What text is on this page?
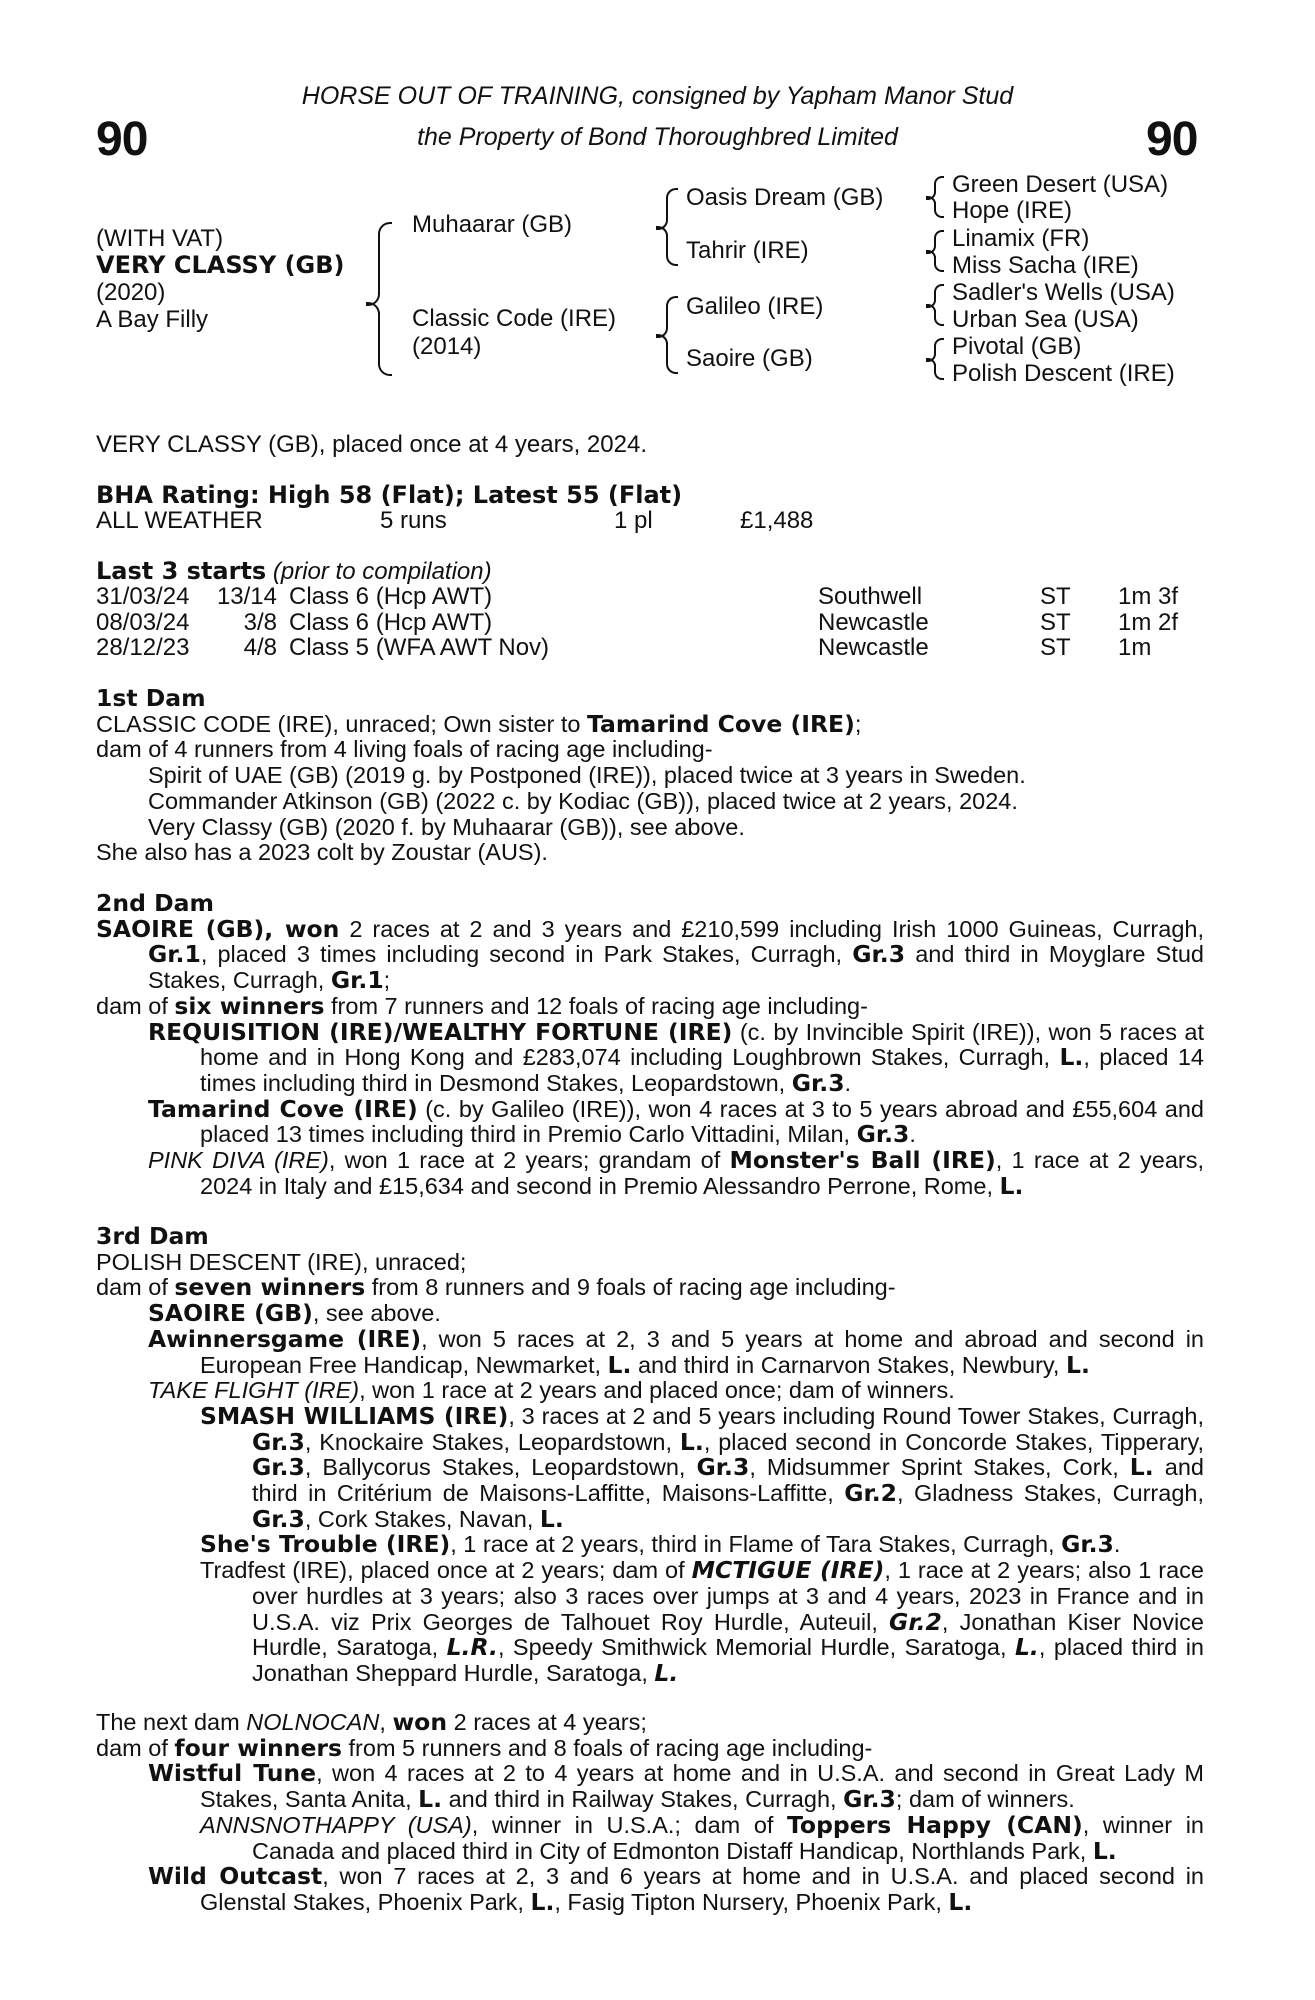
90	90
HORSE OUT OF TRAINING, consigned by Yapham Manor Stud
the Property of Bond Thoroughbred Limited
(WITH VAT)
VERY CLASSY (GB)
(2020)
A Bay Filly
Muhaarar (GB)
Classic Code (IRE)
(2014)
Oasis Dream (GB)
Tahrir (IRE)
Galileo (IRE)
Saoire (GB)
Green Desert (USA)
Hope (IRE)
Linamix (FR)
Miss Sacha (IRE)
Sadler's Wells (USA)
Urban Sea (USA)
Pivotal (GB)
Polish Descent (IRE)
VERY CLASSY (GB), placed once at 4 years, 2024.
BHA Rating: High 58 (Flat); Latest 55 (Flat)
ALL WEATHER	5 runs	1 pl	£1,488
Last 3 starts (prior to compilation)
31/03/24	13/14 Class 6 (Hcp AWT)	Southwell	ST 1m 3f
08/03/24	3/8 Class 6 (Hcp AWT)	Newcastle	ST 1m 2f
28/12/23	4/8 Class 5 (WFA AWT Nov)	Newcastle	ST 1m

1st Dam

CLASSIC CODE (IRE), unraced; Own sister to Tamarind Cove (IRE);

dam of 4 runners from 4 living foals of racing age including-

Spirit of UAE (GB) (2019 g. by Postponed (IRE)), placed twice at 3 years in Sweden.

Commander Atkinson (GB) (2022 c. by Kodiac (GB)), placed twice at 2 years, 2024.

Very Classy (GB) (2020 f. by Muhaarar (GB)), see above.

She also has a 2023 colt by Zoustar (AUS).

2nd Dam

SAOIRE (GB), won 2 races at 2 and 3 years and £210,599 including Irish 1000 Guineas, Curragh, Gr.1, placed 3 times including second in Park Stakes, Curragh, Gr.3 and third in Moyglare Stud Stakes, Curragh, Gr.1;

dam of six winners from 7 runners and 12 foals of racing age including-

REQUISITION (IRE)/WEALTHY FORTUNE (IRE) (c. by Invincible Spirit (IRE)), won 5 races at home and in Hong Kong and £283,074 including Loughbrown Stakes, Curragh, L., placed 14 times including third in Desmond Stakes, Leopardstown, Gr.3.

Tamarind Cove (IRE) (c. by Galileo (IRE)), won 4 races at 3 to 5 years abroad and £55,604 and placed 13 times including third in Premio Carlo Vittadini, Milan, Gr.3.

PINK DIVA (IRE), won 1 race at 2 years; grandam of Monster's Ball (IRE), 1 race at 2 years, 2024 in Italy and £15,634 and second in Premio Alessandro Perrone, Rome, L.

3rd Dam

POLISH DESCENT (IRE), unraced;

dam of seven winners from 8 runners and 9 foals of racing age including-

SAOIRE (GB), see above.

Awinnersgame (IRE), won 5 races at 2, 3 and 5 years at home and abroad and second in European Free Handicap, Newmarket, L. and third in Carnarvon Stakes, Newbury, L.

TAKE FLIGHT (IRE), won 1 race at 2 years and placed once; dam of winners.

SMASH WILLIAMS (IRE), 3 races at 2 and 5 years including Round Tower Stakes, Curragh, Gr.3, Knockaire Stakes, Leopardstown, L., placed second in Concorde Stakes, Tipperary, Gr.3, Ballycorus Stakes, Leopardstown, Gr.3, Midsummer Sprint Stakes, Cork, L. and third in Critérium de Maisons-Laffitte, Maisons-Laffitte, Gr.2, Gladness Stakes, Curragh, Gr.3, Cork Stakes, Navan, L.

She's Trouble (IRE), 1 race at 2 years, third in Flame of Tara Stakes, Curragh, Gr.3.

Tradfest (IRE), placed once at 2 years; dam of MCTIGUE (IRE), 1 race at 2 years; also 1 race over hurdles at 3 years; also 3 races over jumps at 3 and 4 years, 2023 in France and in U.S.A. viz Prix Georges de Talhouet Roy Hurdle, Auteuil, Gr.2, Jonathan Kiser Novice Hurdle, Saratoga, L.R., Speedy Smithwick Memorial Hurdle, Saratoga, L., placed third in Jonathan Sheppard Hurdle, Saratoga, L.

The next dam NOLNOCAN, won 2 races at 4 years;

dam of four winners from 5 runners and 8 foals of racing age including-

Wistful Tune, won 4 races at 2 to 4 years at home and in U.S.A. and second in Great Lady M Stakes, Santa Anita, L. and third in Railway Stakes, Curragh, Gr.3; dam of winners.

ANNSNOTHAPPY (USA), winner in U.S.A.; dam of Toppers Happy (CAN), winner in Canada and placed third in City of Edmonton Distaff Handicap, Northlands Park, L.

Wild Outcast, won 7 races at 2, 3 and 6 years at home and in U.S.A. and placed second in Glenstal Stakes, Phoenix Park, L., Fasig Tipton Nursery, Phoenix Park, L.
